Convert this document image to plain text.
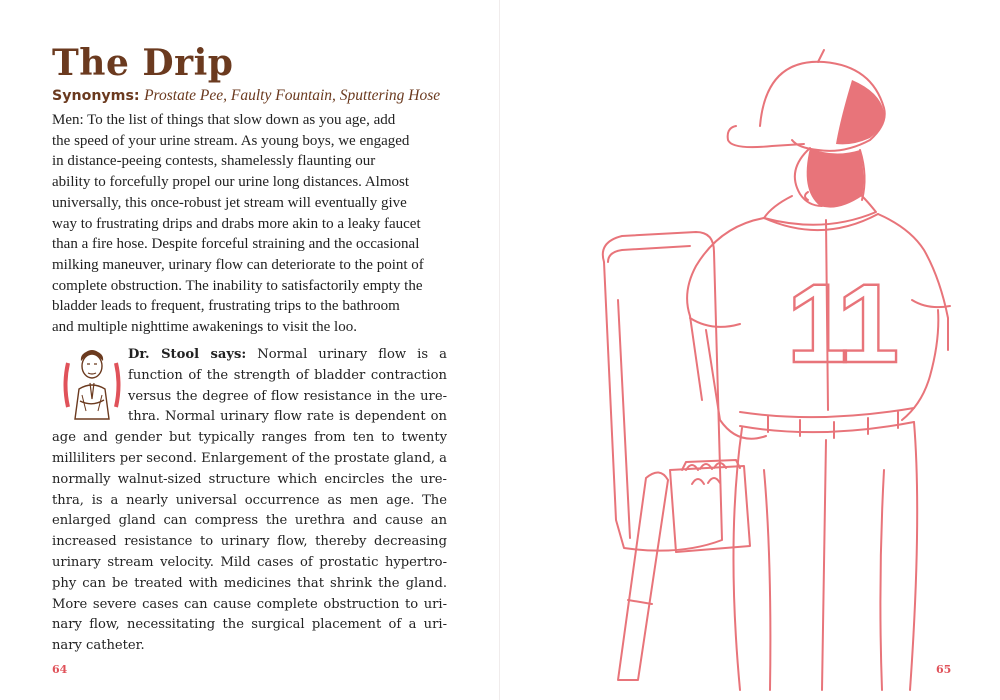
The Drip
Synonyms: Prostate Pee, Faulty Fountain, Sputtering Hose
Men: To the list of things that slow down as you age, add
the speed of your urine stream. As young boys, we engaged
in distance-peeing contests, shamelessly flaunting our
ability to forcefully propel our urine long distances. Almost
universally, this once-robust jet stream will eventually give
way to frustrating drips and drabs more akin to a leaky faucet
than a fire hose. Despite forceful straining and the occasional
milking maneuver, urinary flow can deteriorate to the point of
complete obstruction. The inability to satisfactorily empty the
bladder leads to frequent, frustrating trips to the bathroom
and multiple nighttime awakenings to visit the loo.
Dr. Stool says: Normal urinary flow is a function of the strength of bladder contraction versus the degree of flow resistance in the ure-thra. Normal urinary flow rate is dependent on age and gender but typically ranges from ten to twenty milliliters per second. Enlargement of the prostate gland, a normally walnut-sized structure which encircles the ure-thra, is a nearly universal occurrence as men age. The enlarged gland can compress the urethra and cause an increased resistance to urinary flow, thereby decreasing urinary stream velocity. Mild cases of prostatic hypertro-phy can be treated with medicines that shrink the gland. More severe cases can cause complete obstruction to uri-nary flow, necessitating the surgical placement of a uri-nary catheter.
64
11
65
